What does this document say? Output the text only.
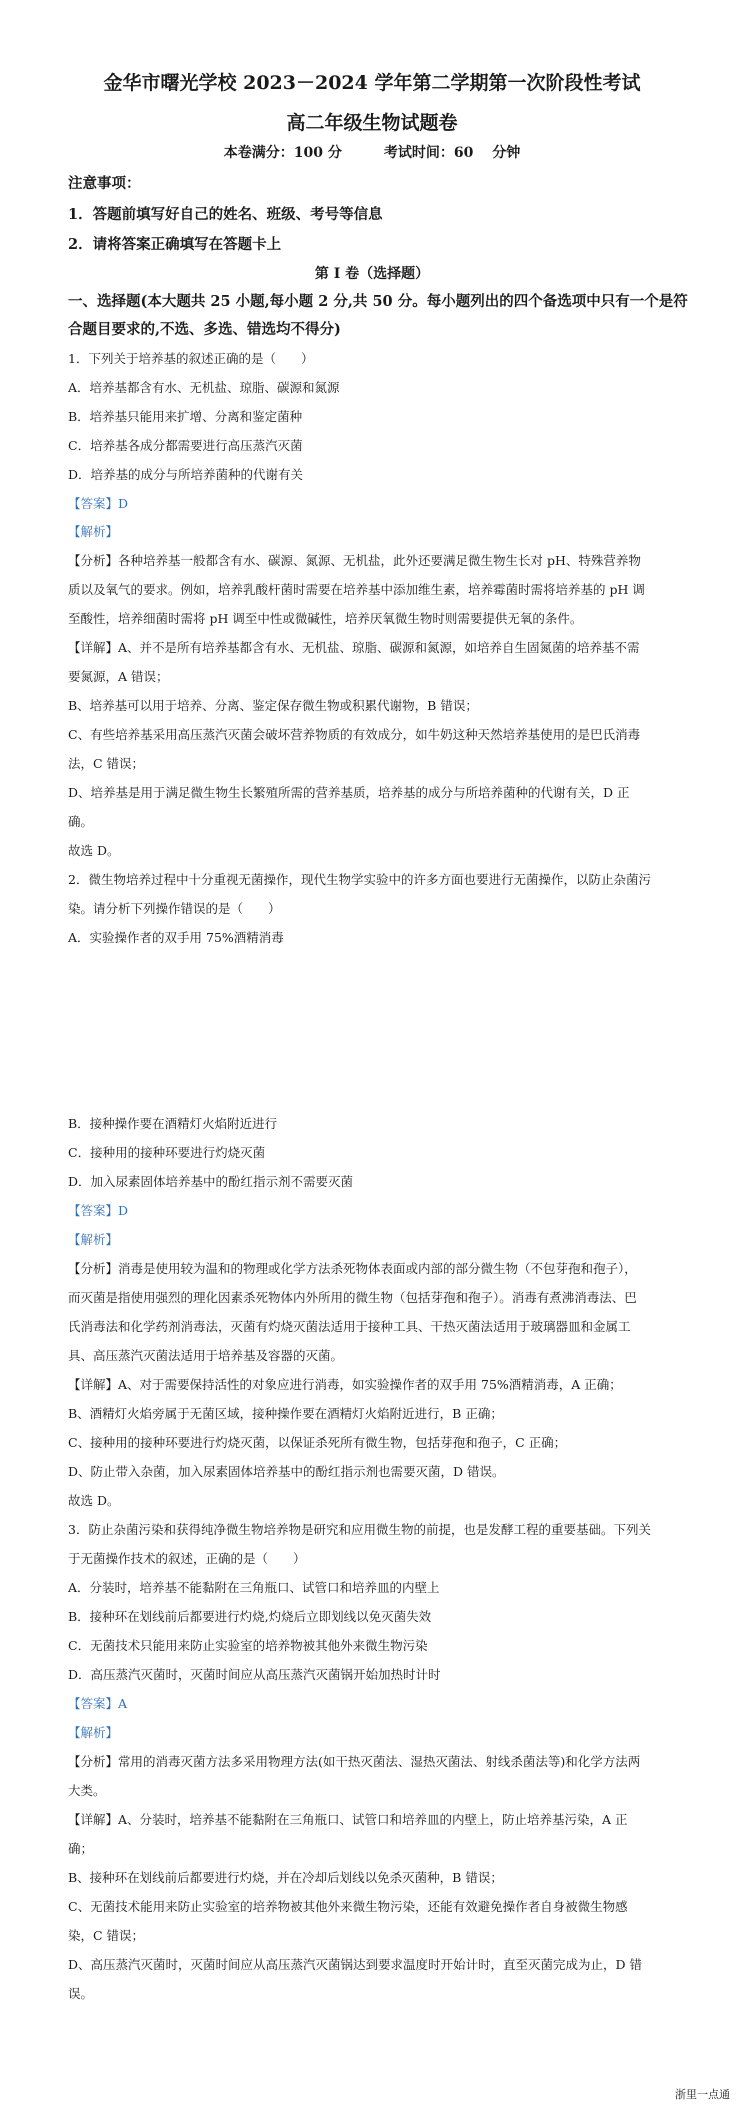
金华市曙光学校 2023－2024 学年第二学期第一次阶段性考试
高二年级生物试题卷
本卷满分：100 分　　　考试时间：60　 分钟
注意事项：
1．答题前填写好自己的姓名、班级、考号等信息
2．请将答案正确填写在答题卡上
第 I 卷（选择题）
一、选择题(本大题共 25 小题,每小题 2 分,共 50 分。每小题列出的四个备选项中只有一个是符
合题目要求的,不选、多选、错选均不得分)
1．下列关于培养基的叙述正确的是（　　）
A．培养基都含有水、无机盐、琼脂、碳源和氮源
B．培养基只能用来扩增、分离和鉴定菌种
C．培养基各成分都需要进行高压蒸汽灭菌
D．培养基的成分与所培养菌种的代谢有关
【答案】D
【解析】
【分析】各种培养基一般都含有水、碳源、氮源、无机盐，此外还要满足微生物生长对 pH、特殊营养物
质以及氧气的要求。例如，培养乳酸杆菌时需要在培养基中添加维生素，培养霉菌时需将培养基的 pH 调
至酸性，培养细菌时需将 pH 调至中性或微碱性，培养厌氧微生物时则需要提供无氧的条件。
【详解】A、并不是所有培养基都含有水、无机盐、琼脂、碳源和氮源，如培养自生固氮菌的培养基不需
要氮源，A 错误；
B、培养基可以用于培养、分离、鉴定保存微生物或积累代谢物，B 错误；
C、有些培养基采用高压蒸汽灭菌会破坏营养物质的有效成分，如牛奶这种天然培养基使用的是巴氏消毒
法，C 错误；
D、培养基是用于满足微生物生长繁殖所需的营养基质，培养基的成分与所培养菌种的代谢有关，D 正
确。
故选 D。
2．微生物培养过程中十分重视无菌操作，现代生物学实验中的许多方面也要进行无菌操作，以防止杂菌污
染。请分析下列操作错误的是（　　）
A．实验操作者的双手用 75%酒精消毒
B．接种操作要在酒精灯火焰附近进行
C．接种用的接种环要进行灼烧灭菌
D．加入尿素固体培养基中的酚红指示剂不需要灭菌
【答案】D
【解析】
【分析】消毒是使用较为温和的物理或化学方法杀死物体表面或内部的部分微生物（不包芽孢和孢子），
而灭菌是指使用强烈的理化因素杀死物体内外所用的微生物（包括芽孢和孢子）。消毒有煮沸消毒法、巴
氏消毒法和化学药剂消毒法，灭菌有灼烧灭菌法适用于接种工具、干热灭菌法适用于玻璃器皿和金属工
具、高压蒸汽灭菌法适用于培养基及容器的灭菌。
【详解】A、对于需要保持活性的对象应进行消毒，如实验操作者的双手用 75%酒精消毒，A 正确；
B、酒精灯火焰旁属于无菌区域，接种操作要在酒精灯火焰附近进行，B 正确；
C、接种用的接种环要进行灼烧灭菌，以保证杀死所有微生物，包括芽孢和孢子，C 正确；
D、防止带入杂菌，加入尿素固体培养基中的酚红指示剂也需要灭菌，D 错误。
故选 D。
3．防止杂菌污染和获得纯净微生物培养物是研究和应用微生物的前提，也是发酵工程的重要基础。下列关
于无菌操作技术的叙述，正确的是（　　）
A．分装时，培养基不能黏附在三角瓶口、试管口和培养皿的内壁上
B．接种环在划线前后都要进行灼烧,灼烧后立即划线以免灭菌失效
C．无菌技术只能用来防止实验室的培养物被其他外来微生物污染
D．高压蒸汽灭菌时，灭菌时间应从高压蒸汽灭菌锅开始加热时计时
【答案】A
【解析】
【分析】常用的消毒灭菌方法多采用物理方法(如干热灭菌法、湿热灭菌法、射线杀菌法等)和化学方法两
大类。
【详解】A、分装时，培养基不能黏附在三角瓶口、试管口和培养皿的内壁上，防止培养基污染，A 正
确；
B、接种环在划线前后都要进行灼烧，并在冷却后划线以免杀灭菌种，B 错误；
C、无菌技术能用来防止实验室的培养物被其他外来微生物污染，还能有效避免操作者自身被微生物感
染，C 错误；
D、高压蒸汽灭菌时，灭菌时间应从高压蒸汽灭菌锅达到要求温度时开始计时，直至灭菌完成为止，D 错
误。
浙里一点通
